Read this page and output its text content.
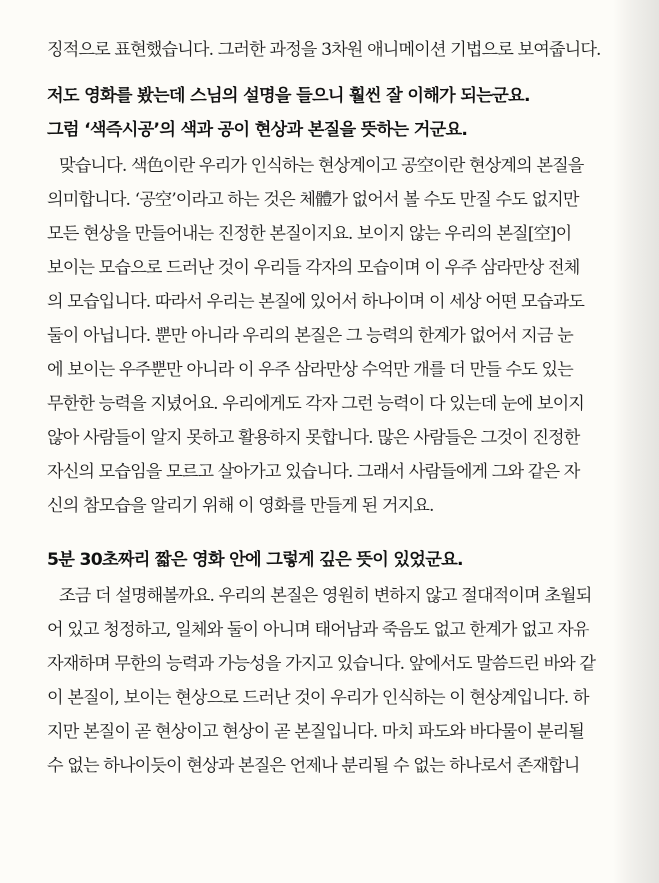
징적으로 표현했습니다. 그러한 과정을 3차원 애니메이션 기법으로 보여줍니다.
저도 영화를 봤는데 스님의 설명을 들으니 훨씬 잘 이해가 되는군요.
그럼 ‘색즉시공’의 색과 공이 현상과 본질을 뜻하는 거군요.
맞습니다. 색色이란 우리가 인식하는 현상계이고 공空이란 현상계의 본질을
의미합니다. ‘공空’이라고 하는 것은 체體가 없어서 볼 수도 만질 수도 없지만
모든 현상을 만들어내는 진정한 본질이지요. 보이지 않는 우리의 본질[空]이
보이는 모습으로 드러난 것이 우리들 각자의 모습이며 이 우주 삼라만상 전체
의 모습입니다. 따라서 우리는 본질에 있어서 하나이며 이 세상 어떤 모습과도
둘이 아닙니다. 뿐만 아니라 우리의 본질은 그 능력의 한계가 없어서 지금 눈
에 보이는 우주뿐만 아니라 이 우주 삼라만상 수억만 개를 더 만들 수도 있는
무한한 능력을 지녔어요. 우리에게도 각자 그런 능력이 다 있는데 눈에 보이지
않아 사람들이 알지 못하고 활용하지 못합니다. 많은 사람들은 그것이 진정한
자신의 모습임을 모르고 살아가고 있습니다. 그래서 사람들에게 그와 같은 자
신의 참모습을 알리기 위해 이 영화를 만들게 된 거지요.
5분 30초짜리 짧은 영화 안에 그렇게 깊은 뜻이 있었군요.
조금 더 설명해볼까요. 우리의 본질은 영원히 변하지 않고 절대적이며 초월되
어 있고 청정하고, 일체와 둘이 아니며 태어남과 죽음도 없고 한계가 없고 자유
자재하며 무한의 능력과 가능성을 가지고 있습니다. 앞에서도 말씀드린 바와 같
이 본질이, 보이는 현상으로 드러난 것이 우리가 인식하는 이 현상계입니다. 하
지만 본질이 곧 현상이고 현상이 곧 본질입니다. 마치 파도와 바다물이 분리될
수 없는 하나이듯이 현상과 본질은 언제나 분리될 수 없는 하나로서 존재합니
